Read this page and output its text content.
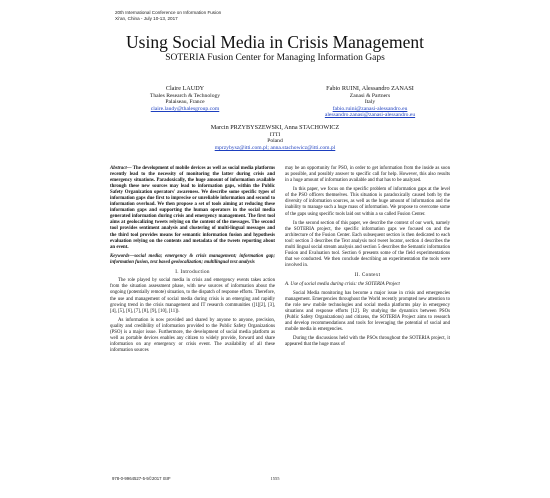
20th International Conference on Information Fusion
Xi'an, China - July 10-13, 2017
Using Social Media in Crisis Management
SOTERIA Fusion Center for Managing Information Gaps
Claire LAUDY
Thales Research & Technology
Palaiseau, France
claire.laudy@thalesgroup.com
Fabio RUINI, Alessandro ZANASI
Zanasi & Partners
Italy
fabio.ruini@zanasi-alessandro.eu
alessandro.zanasi@zanasi-alessandro.eu
Marcin PRZYBYSZEWSKI, Anna STACHOWICZ
ITTI
Poland
mprzybysz@itti.com.pl; anna.stachowicz@itti.com.pl

Abstract— The development of mobile devices as well as social media platforms recently lead to the necessity of monitoring the latter during crisis and emergency situations. Paradoxically, the huge amount of information available through these new sources may lead to information gaps, within the Public Safety Organization operators' awareness. We describe some specific types of information gaps due first to imprecise or unreliable information and second to information overload. We then propose a set of tools aiming at reducing these information gaps and supporting the human operators in the social media generated information during crisis and emergency management. The first tool aims at geolocalizing tweets relying on the content of the messages. The second tool provides sentiment analysis and clustering of multi-lingual messages and the third tool provides means for semantic information fusion and hypothesis evaluation relying on the contents and metadata of the tweets reporting about an event.

Keywords—social media; emergency & crisis management; information gap; information fusion, text based geolocalization; multilingual text analysis

I. Introduction

The role played by social media in crisis and emergency events takes action from the situation assessment phase, with new sources of information about the ongoing (potentially remote) situation, to the dispatch of response efforts. Therefore, the use and management of social media during crisis is an emerging and rapidly growing trend in the crisis management and IT research communities ([1][2], [3], [4], [5], [6], [7], [8], [9], [10], [11]).

As information is now provided and shared by anyone to anyone, precision, quality and credibility of information provided to the Public Safety Organizations (PSO) is a major issue. Furthermore, the development of social media platform as well as portable devices enables any citizen to widely provide, forward and share information on any emergency or crisis event. The availability of all these information sources

may be an opportunity for PSO, in order to get information from the inside as soon as possible, and possibly answer to specific call for help. However, this also results in a huge amount of information available and that has to be analyzed.

In this paper, we focus on the specific problem of information gaps at the level of the PSO officers themselves. This situation is paradoxically caused both by the diversity of information sources, as well as the huge amount of information and the inability to manage such a huge mass of information. We propose to overcome some of the gaps using specific tools laid out within a so called Fusion Center.

In the second section of this paper, we describe the context of our work, namely the SOTERIA project, the specific information gaps we focused on and the architecture of the Fusion Center. Each subsequent section is then dedicated to each tool: section 3 describes the Text analysis tool tweet locator, section 4 describes the multi lingual social stream analysis and section 5 describes the Semantic information Fusion and Evaluation tool. Section 6 presents some of the field experimentations that we conducted. We then conclude describing an experimentation the tools were involved in.

II. Context

A. Use of social media during crisis: the SOTERIA Project

Social Media monitoring has become a major issue in crisis and emergencies management. Emergencies throughout the World recently prompted new attention to the role new mobile technologies and social media platforms play in emergency situations and response efforts [12]. By studying the dynamics between PSOs (Public Safety Organizations) and citizens, the SOTERIA Project aims to research and develop recommendations and tools for leveraging the potential of social and mobile media in emergencies.

During the discussions held with the PSOs throughout the SOTERIA project, it appeared that the huge mass of

978-0-9964527-5-5©2017 ISIF	1555
